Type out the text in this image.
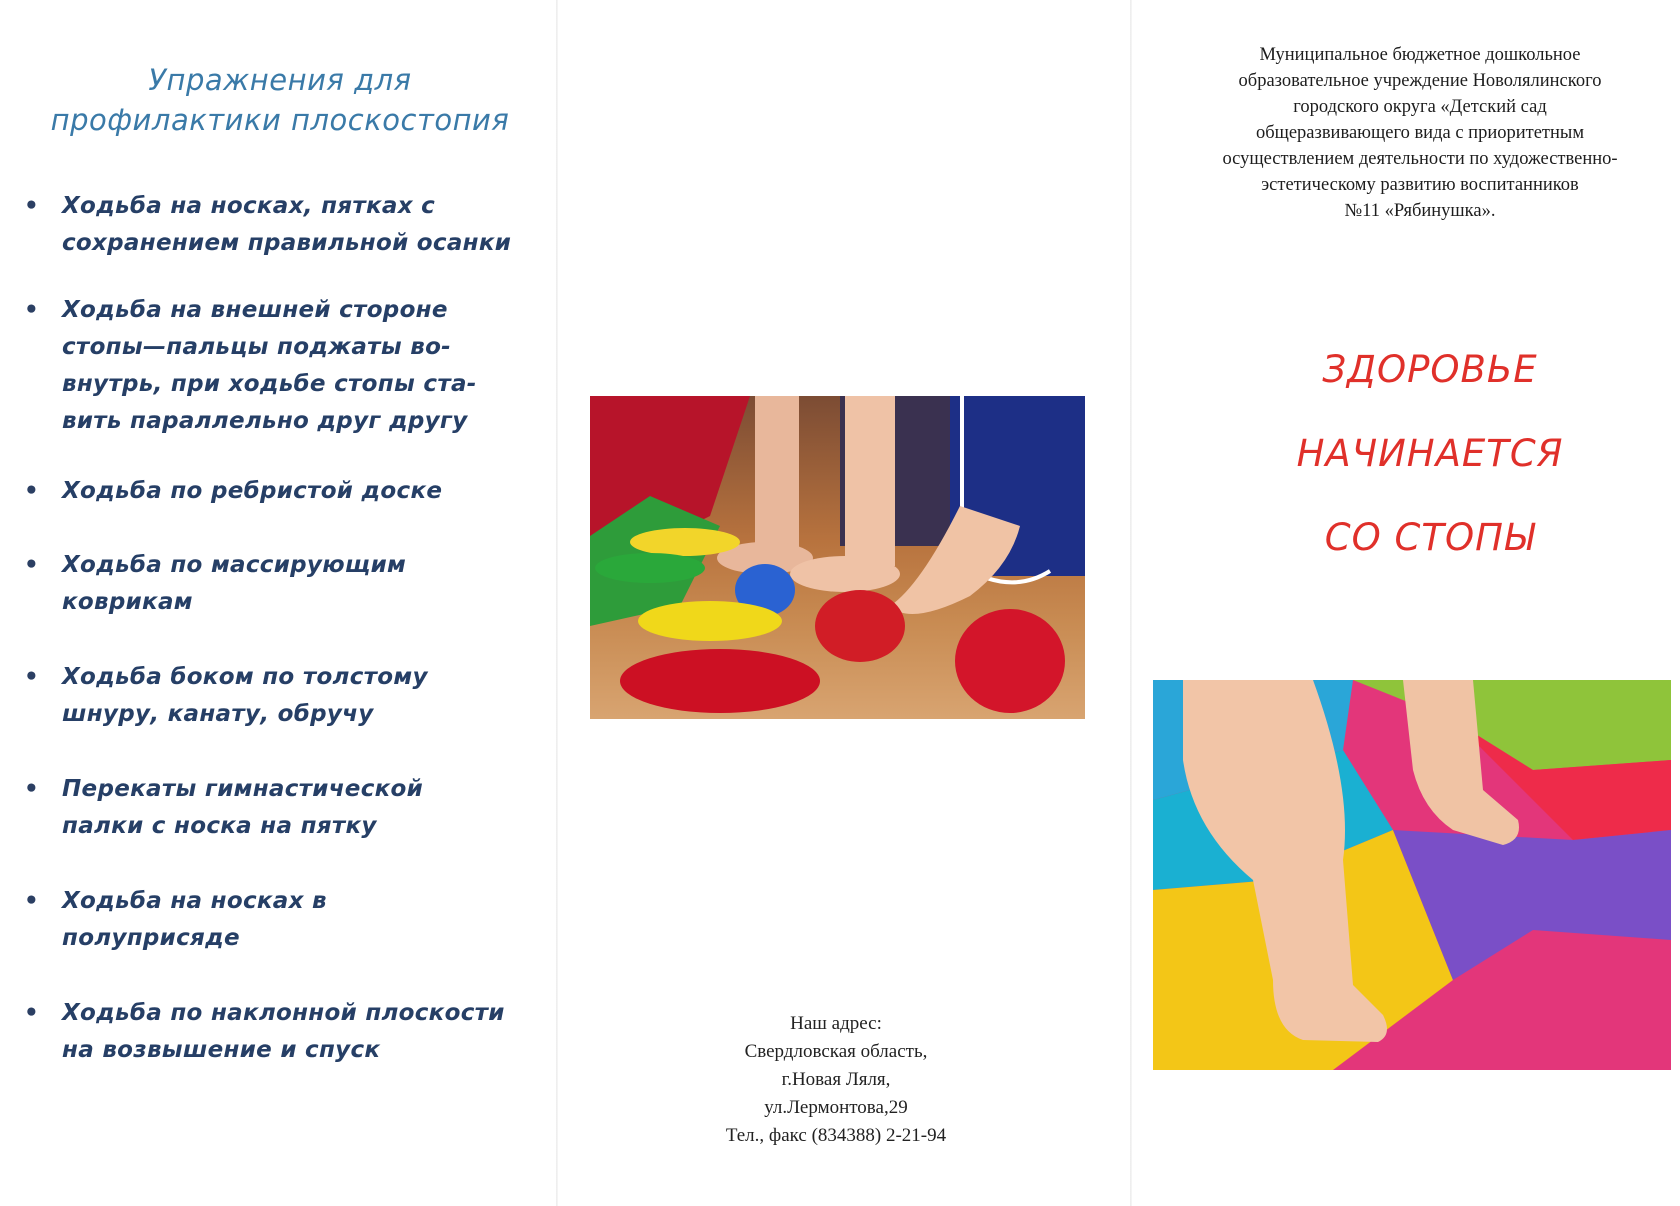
Упражнения для
профилактики плоскостопия
• Ходьба на носках, пятках с
сохранением правильной осанки
• Ходьба на внешней стороне
стопы—пальцы поджаты во-
внутрь, при ходьбе стопы ста-
вить параллельно друг другу
• Ходьба по ребристой доске
• Ходьба по массирующим
коврикам
• Ходьба боком по толстому
шнуру, канату, обручу
• Перекаты гимнастической
палки с носка на пятку
• Ходьба на носках в
полуприсяде
• Ходьба по наклонной плоскости
на возвышение и спуск
Наш адрес:
Свердловская область,
г.Новая Ляля,
ул.Лермонтова,29
Тел., факс (834388) 2-21-94
Муниципальное бюджетное дошкольное
образовательное учреждение Новолялинского
городского округа «Детский сад
общеразвивающего вида с приоритетным
осуществлением деятельности по художественно-
эстетическому развитию воспитанников
№11 «Рябинушка».
ЗДОРОВЬЕ
НАЧИНАЕТСЯ
СО СТОПЫ
